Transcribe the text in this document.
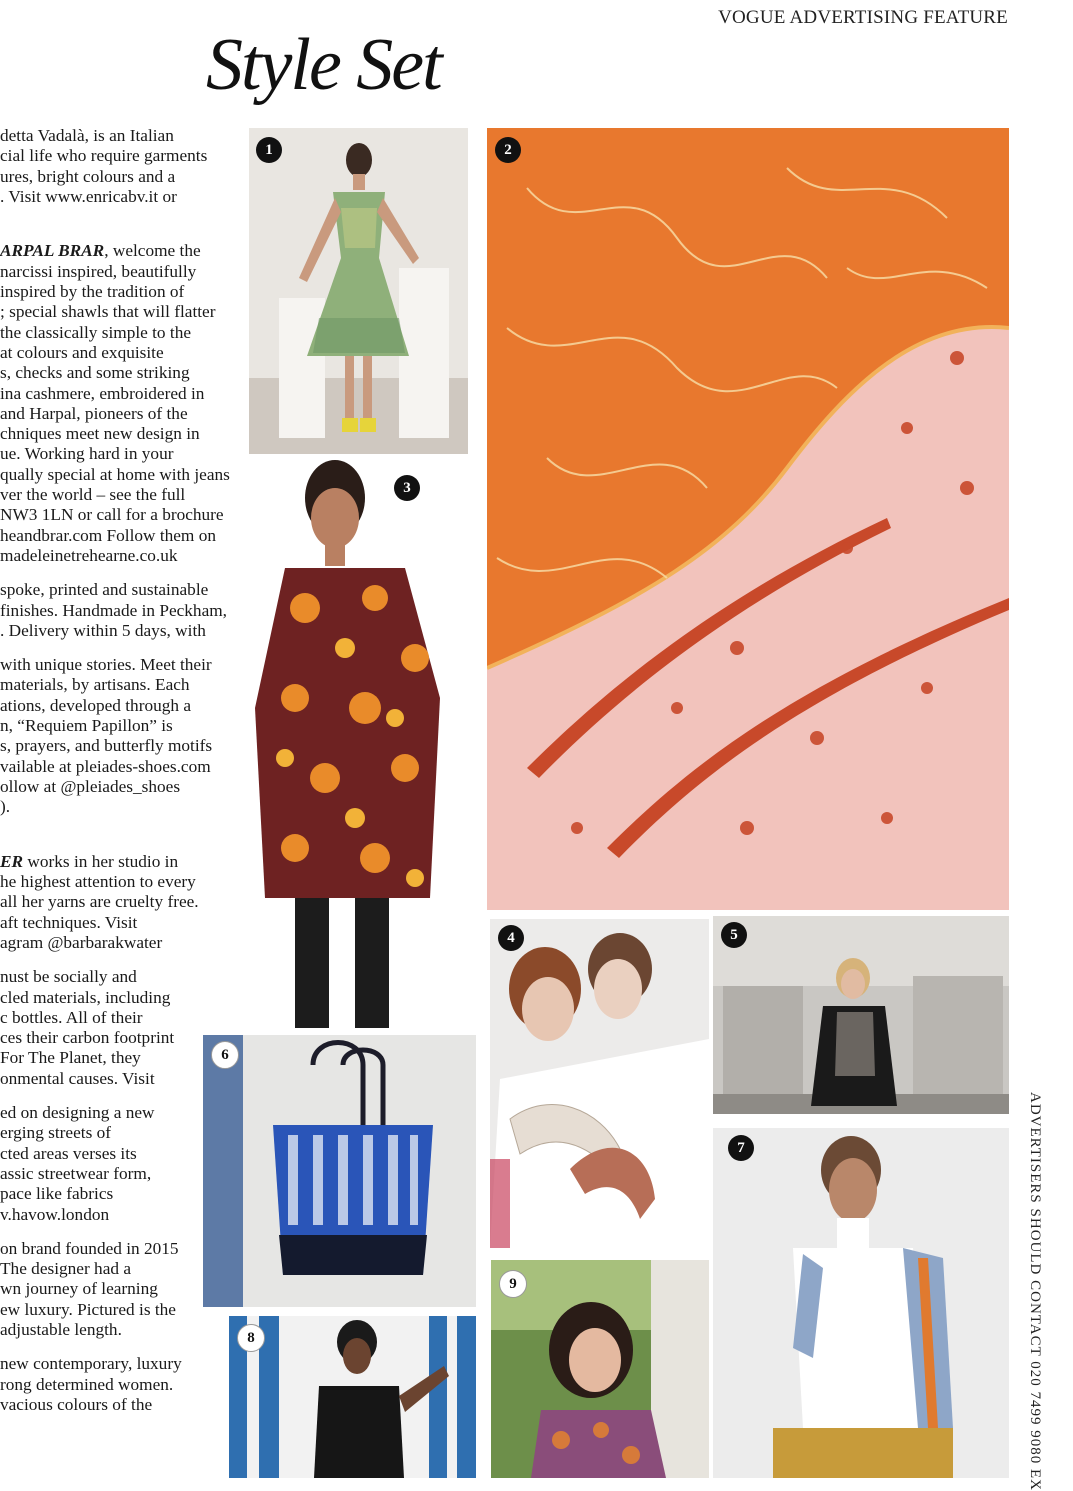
VOGUE ADVERTISING FEATURE
Style Set
ADVERTISERS SHOULD CONTACT 020 7499 9080 EX

detta Vadalà, is an Italian
cial life who require garments
ures, bright colours and a
. Visit www.enricabv.it or

ARPAL BRAR, welcome the
narcissi inspired, beautifully
inspired by the tradition of
; special shawls that will flatter
the classically simple to the
at colours and exquisite
s, checks and some striking
ina cashmere, embroidered in
and Harpal, pioneers of the
chniques meet new design in
ue. Working hard in your
qually special at home with jeans
ver the world – see the full
NW3 1LN or call for a brochure
heandbrar.com Follow them on
madeleinetrehearne.co.uk

spoke, printed and sustainable
finishes. Handmade in Peckham,
. Delivery within 5 days, with

with unique stories. Meet their
materials, by artisans. Each
ations, developed through a
n, “Requiem Papillon” is
s, prayers, and butterfly motifs
vailable at pleiades-shoes.com
ollow at @pleiades_shoes
).

ER works in her studio in
he highest attention to every
all her yarns are cruelty free.
aft techniques. Visit
agram @barbarakwater

nust be socially and
cled materials, including
c bottles. All of their
ces their carbon footprint
For The Planet, they
onmental causes. Visit

ed on designing a new
erging streets of
cted areas verses its
assic streetwear form,
pace like fabrics
v.havow.london

on brand founded in 2015
The designer had a
wn journey of learning
ew luxury. Pictured is the
adjustable length.

new contemporary, luxury
rong determined women.
vacious colours of the

1	2
3
4	5
6
7
8
9
